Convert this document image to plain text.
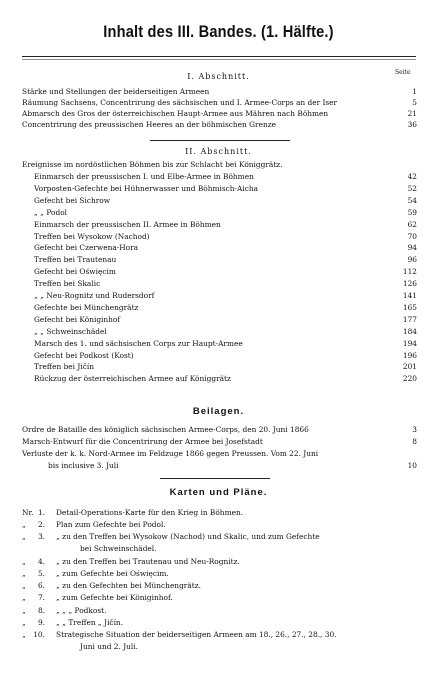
Inhalt des III. Bandes. (1. Hälfte.)
Seite
I. Abschnitt.
Stärke und Stellungen der beiderseitigen Armeen	1
Räumung Sachsens, Concentrirung des sächsischen und I. Armee-Corps an der Iser	5
Abmarsch des Gros der österreichischen Haupt-Armee aus Mähren nach Böhmen	21
Concentrirung des preussischen Heeres an der böhmischen Grenze	36
II. Abschnitt.
Ereignisse im nordöstlichen Böhmen bis zur Schlacht bei Königgrätz.
Einmarsch der preussischen I. und Elbe-Armee in Böhmen	42
Vorposten-Gefechte bei Hühnerwasser und Böhmisch-Aicha	52
Gefecht bei Sichrow	54
„ „ Podol	59
Einmarsch der preussischen II. Armee in Böhmen	62
Treffen bei Wysokow (Nachod)	70
Gefecht bei Czerwena-Hora	94
Treffen bei Trautenau	96
Gefecht bei Oświęcim	112
Treffen bei Skalic	126
„ „ Neu-Rognitz und Rudersdorf	141
Gefechte bei Münchengrätz	165
Gefecht bei Königinhof	177
„ „ Schweinschädel	184
Marsch des 1. und sächsischen Corps zur Haupt-Armee	194
Gefecht bei Podkost (Kost)	196
Treffen bei Jičín	201
Rückzug der österreichischen Armee auf Königgrätz	220
Beilagen.
Ordre de Bataille des königlich sächsischen Armee-Corps, den 20. Juni 1866	3
Marsch-Entwurf für die Concentrirung der Armee bei Josefstadt	8
Verluste der k. k. Nord-Armee im Feldzuge 1866 gegen Preussen. Vom 22. Juni
bis inclusive 3. Juli	10
Karten und Pläne.
Nr. 1. Detail-Operations-Karte für den Krieg in Böhmen.
„ 2. Plan zum Gefechte bei Podol.
„ 3. „ zu den Treffen bei Wysokow (Nachod) und Skalic, und zum Gefechte
bei Schweinschädel.
„ 4. „ zu den Treffen bei Trautenau und Neu-Rognitz.
„ 5. „ zum Gefechte bei Oświęcim.
„ 6. „ zu den Gefechten bei Münchengrätz.
„ 7. „ zum Gefechte bei Königinhof.
„ 8. „ „ „ Podkost.
„ 9. „ „ Treffen „ Jičín.
„ 10. Strategische Situation der beiderseitigen Armeen am 18., 26., 27., 28., 30.
Juni und 2. Juli.
